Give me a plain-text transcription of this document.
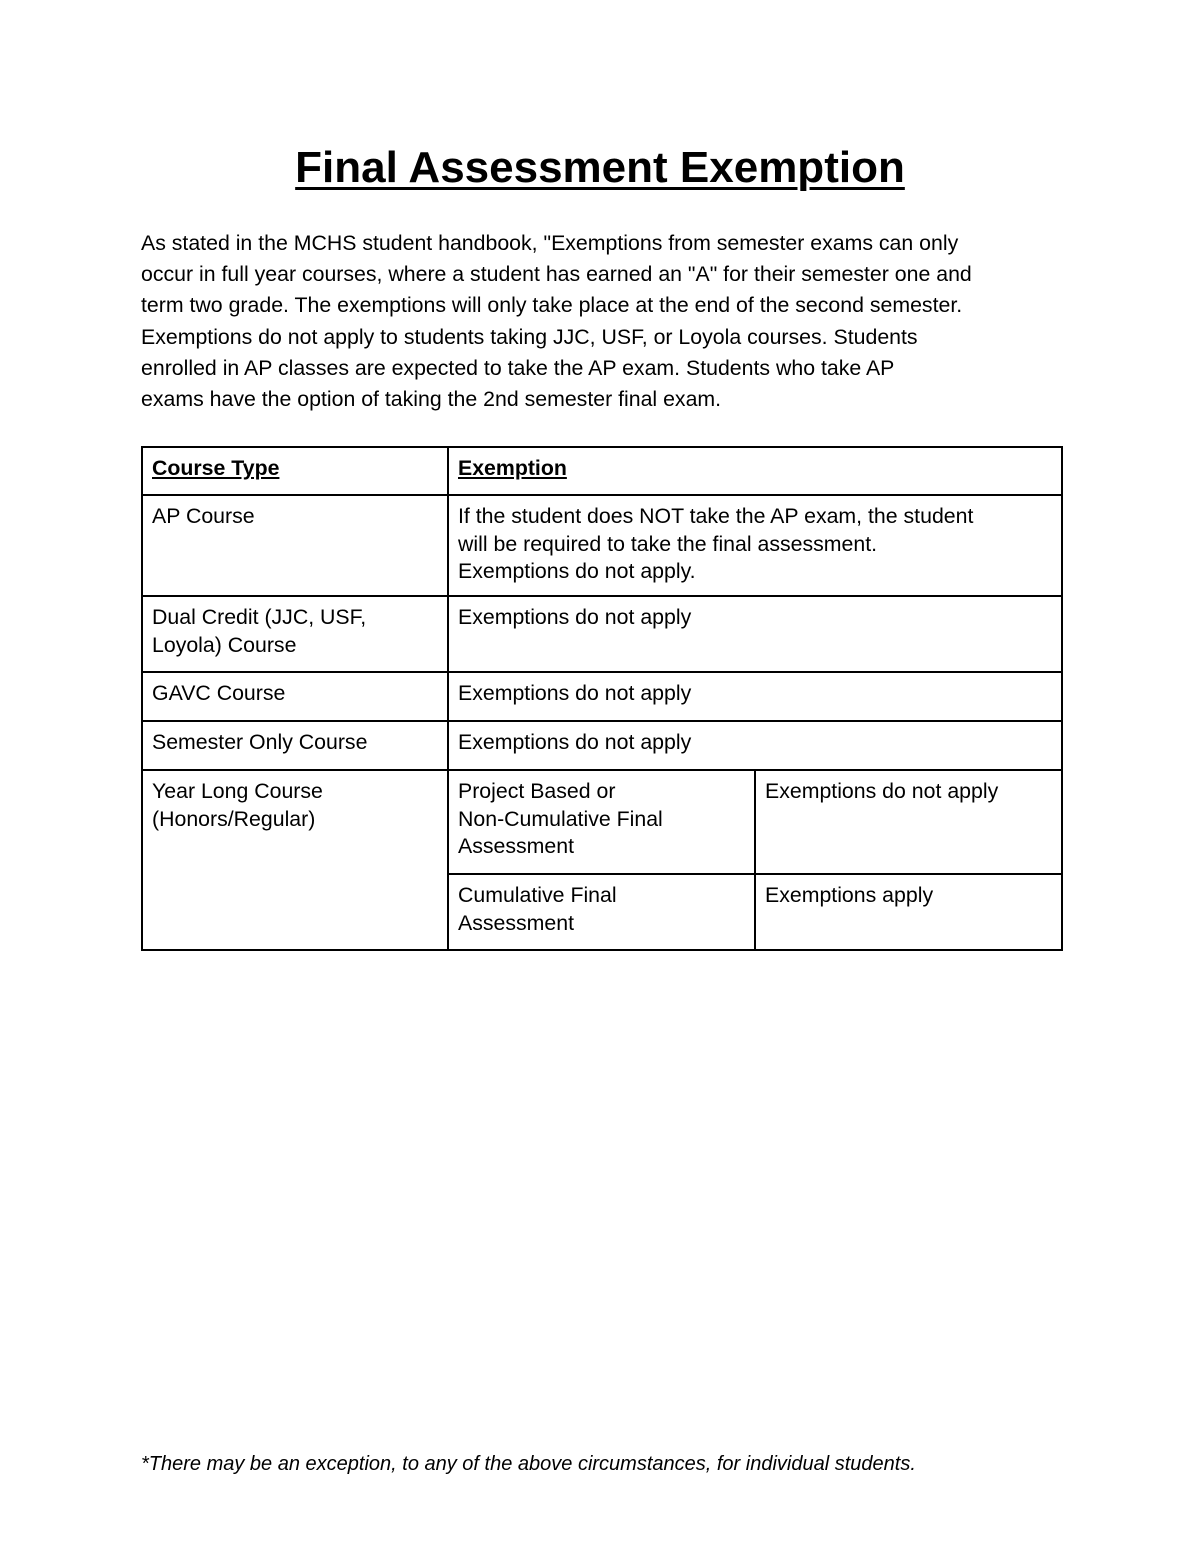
Final Assessment Exemption
As stated in the MCHS student handbook, "Exemptions from semester exams can only
occur in full year courses, where a student has earned an "A" for their semester one and
term two grade. The exemptions will only take place at the end of the second semester.
Exemptions do not apply to students taking JJC, USF, or Loyola courses. Students
enrolled in AP classes are expected to take the AP exam. Students who take AP
exams have the option of taking the 2nd semester final exam.
Course Type	Exemption	

AP Course	If the student does NOT take the AP exam, the student
will be required to take the final assessment.
Exemptions do not apply.	

Dual Credit (JJC, USF,
Loyola) Course	Exemptions do not apply	

GAVC Course	Exemptions do not apply	

Semester Only Course	Exemptions do not apply	

Year Long Course
(Honors/Regular)	Project Based or
Non-Cumulative Final
Assessment	Exemptions do not apply

	Cumulative Final
Assessment	Exemptions apply

*There may be an exception, to any of the above circumstances, for individual students.
